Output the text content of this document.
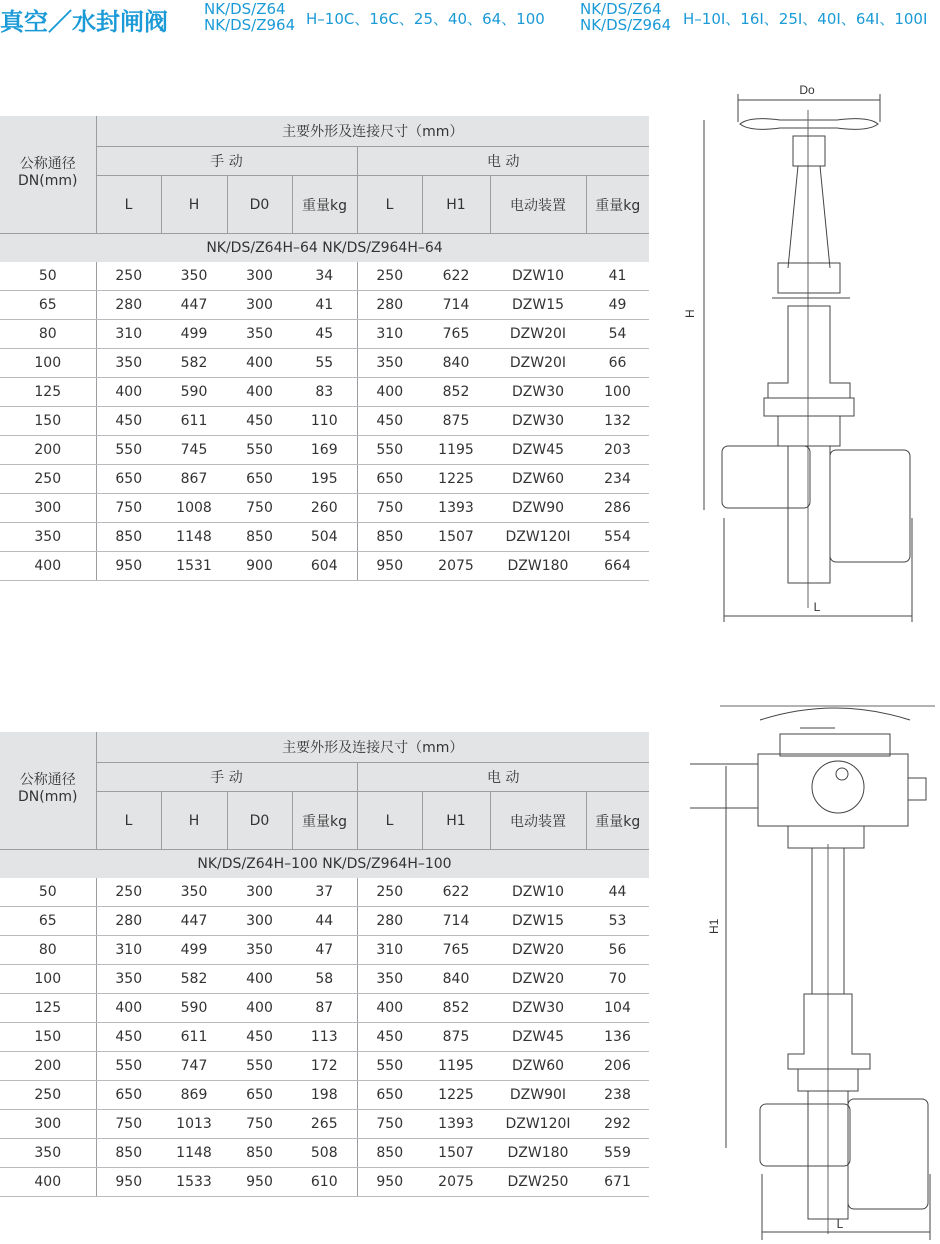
真空／水封闸阀 NK/DS/Z64
NK/DS/Z964 H–10C、16C、25、40、64、100
NK/DS/Z64
NK/DS/Z964 H–10I、16I、25I、40I、64I、100I
公称通径
DN(mm)	主要外形及连接尺寸（mm）							
	手 动				电 动			
	L	H	D0	重量kg	L	H1	电动装置	重量kg
NK/DS/Z64H–64 NK/DS/Z964H–64								
50	250	350	300	34	250	622	DZW10	41
65	280	447	300	41	280	714	DZW15	49
80	310	499	350	45	310	765	DZW20I	54
100	350	582	400	55	350	840	DZW20I	66
125	400	590	400	83	400	852	DZW30	100
150	450	611	450	110	450	875	DZW30	132
200	550	745	550	169	550	1195	DZW45	203
250	650	867	650	195	650	1225	DZW60	234
300	750	1008	750	260	750	1393	DZW90	286
350	850	1148	850	504	850	1507	DZW120I	554
400	950	1531	900	604	950	2075	DZW180	664
公称通径
DN(mm)	主要外形及连接尺寸（mm）							
	手 动				电 动			
	L	H	D0	重量kg	L	H1	电动装置	重量kg
NK/DS/Z64H–100 NK/DS/Z964H–100								
50	250	350	300	37	250	622	DZW10	44
65	280	447	300	44	280	714	DZW15	53
80	310	499	350	47	310	765	DZW20	56
100	350	582	400	58	350	840	DZW20	70
125	400	590	400	87	400	852	DZW30	104
150	450	611	450	113	450	875	DZW45	136
200	550	747	550	172	550	1195	DZW60	206
250	650	869	650	198	650	1225	DZW90I	238
300	750	1013	750	265	750	1393	DZW120I	292
350	850	1148	850	508	850	1507	DZW180	559
400	950	1533	950	610	950	2075	DZW250	671
Do
H
L
H1
L
